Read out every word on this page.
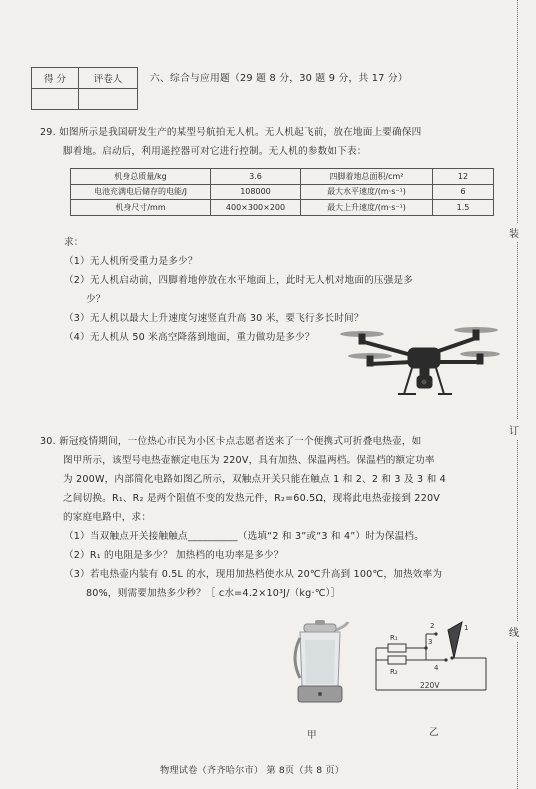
得 分	评卷人
		六、综合与应用题（29 题 8 分，30 题 9 分，共 17 分）
29. 如图所示是我国研发生产的某型号航拍无人机。无人机起飞前，放在地面上要确保四
脚着地。启动后，利用遥控器可对它进行控制。无人机的参数如下表：
机身总质量/kg	3.6	四脚着地总面积/cm²	12
电池充满电后储存的电能/J	108000	最大水平速度/(m·s⁻¹)	6
机身尺寸/mm	400×300×200	最大上升速度/(m·s⁻¹)	1.5
求：
（1）无人机所受重力是多少？
（2）无人机启动前，四脚着地停放在水平地面上，此时无人机对地面的压强是多
少？
（3）无人机以最大上升速度匀速竖直升高 30 米，要飞行多长时间？
（4）无人机从 50 米高空降落到地面，重力做功是多少？
30. 新冠疫情期间，一位热心市民为小区卡点志愿者送来了一个便携式可折叠电热壶，如
图甲所示，该型号电热壶额定电压为 220V，具有加热、保温两档。保温档的额定功率
为 200W，内部简化电路如图乙所示，双触点开关只能在触点 1 和 2、2 和 3 及 3 和 4
之间切换。R₁、R₂ 是两个阻值不变的发热元件，R₂=60.5Ω，现将此电热壶接到 220V
的家庭电路中，求：
（1）当双触点开关接触触点__________（选填“2 和 3”或“3 和 4”）时为保温档。
（2）R₁ 的电阻是多少？ 加热档的电功率是多少？
（3）若电热壶内装有 0.5L 的水，现用加热档使水从 20℃升高到 100℃，加热效率为
80%，则需要加热多少秒？［ c水=4.2×10³J/（kg·℃）］
甲
R₁
R₂
2
3
4
1
220V
乙
物理试卷（齐齐哈尔市） 第 8页（共 8 页）
装
订
线
